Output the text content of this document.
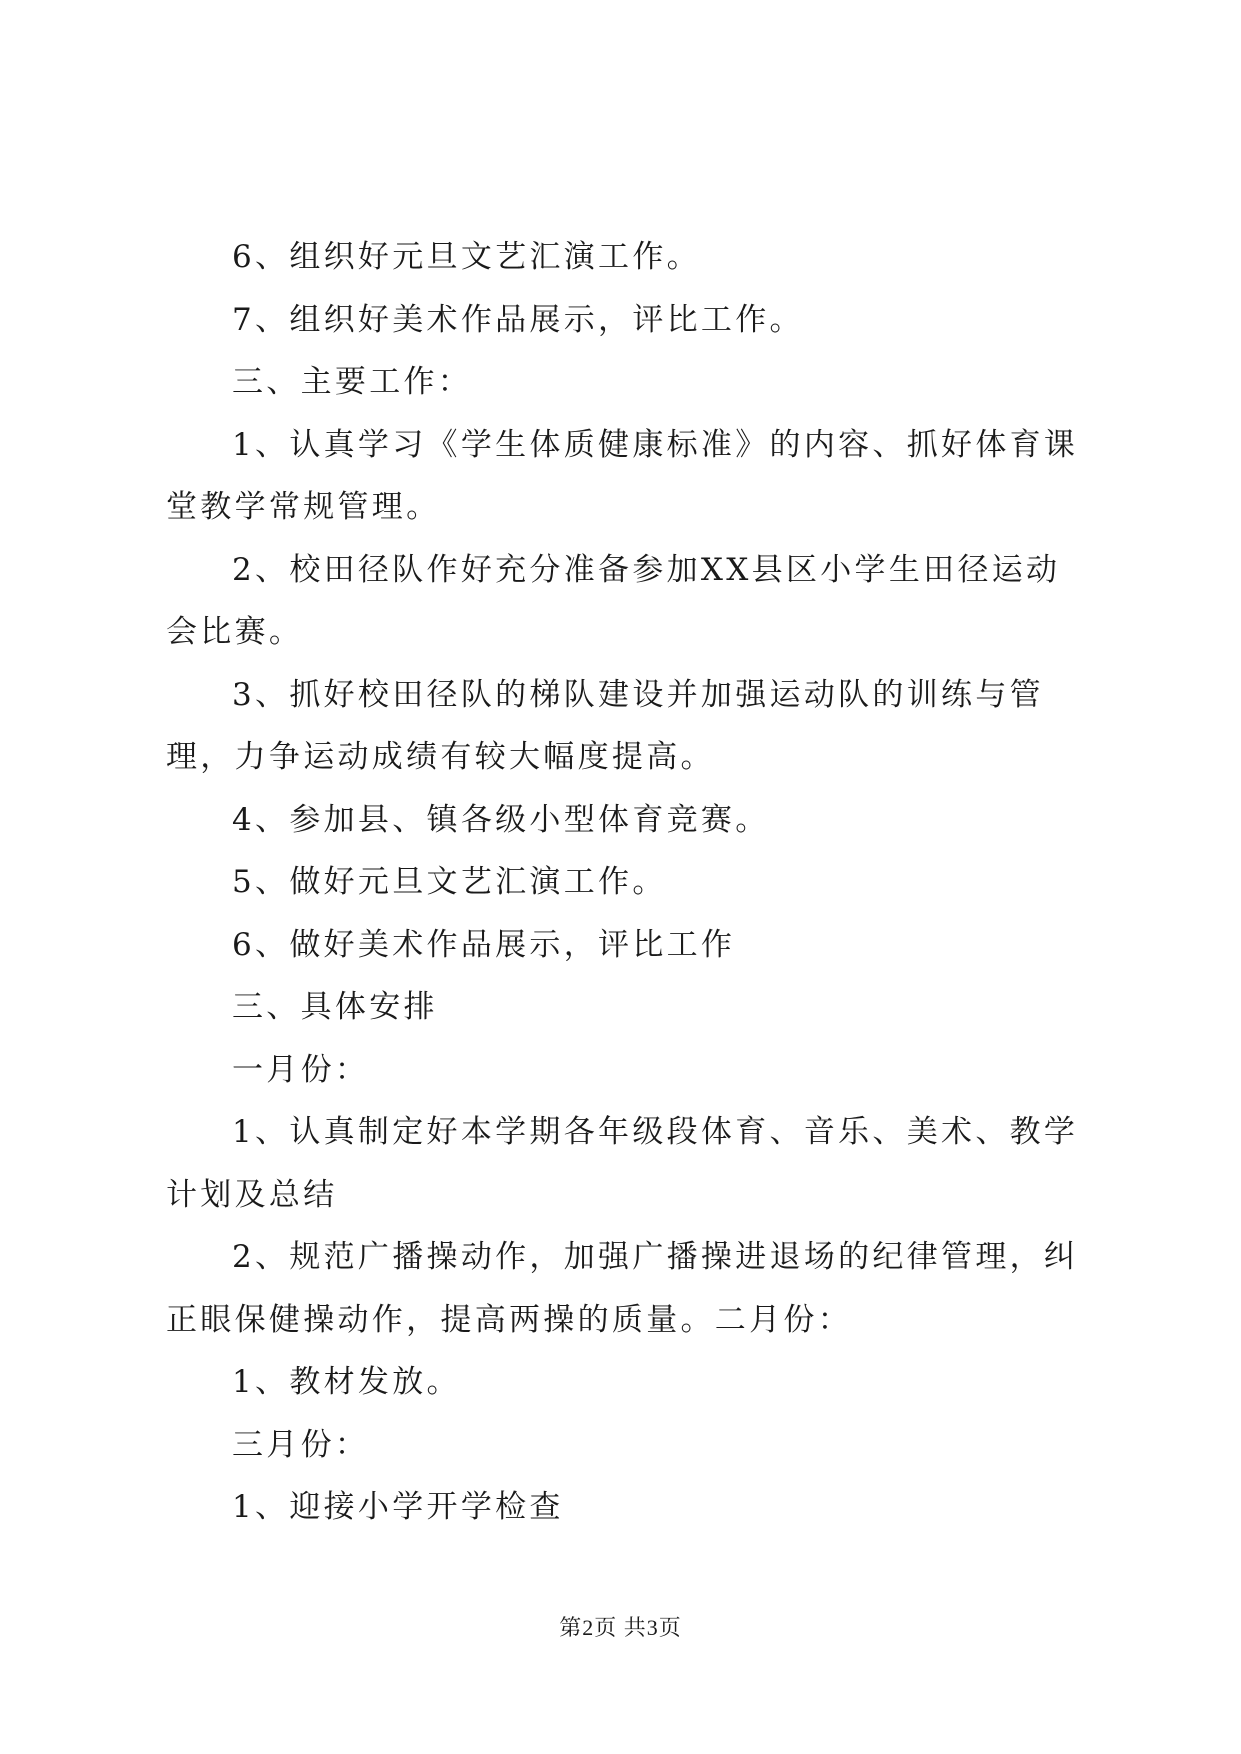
6、组织好元旦文艺汇演工作。

7、组织好美术作品展示，评比工作。

三、主要工作：

1、认真学习《学生体质健康标准》的内容、抓好体育课堂教学常规管理。

2、校田径队作好充分准备参加XX县区小学生田径运动会比赛。

3、抓好校田径队的梯队建设并加强运动队的训练与管理，力争运动成绩有较大幅度提高。

4、参加县、镇各级小型体育竞赛。

5、做好元旦文艺汇演工作。

6、做好美术作品展示，评比工作

三、具体安排

一月份：

1、认真制定好本学期各年级段体育、音乐、美术、教学计划及总结

2、规范广播操动作，加强广播操进退场的纪律管理，纠正眼保健操动作，提高两操的质量。二月份：

1、教材发放。

三月份：

1、迎接小学开学检查

第2页 共3页
